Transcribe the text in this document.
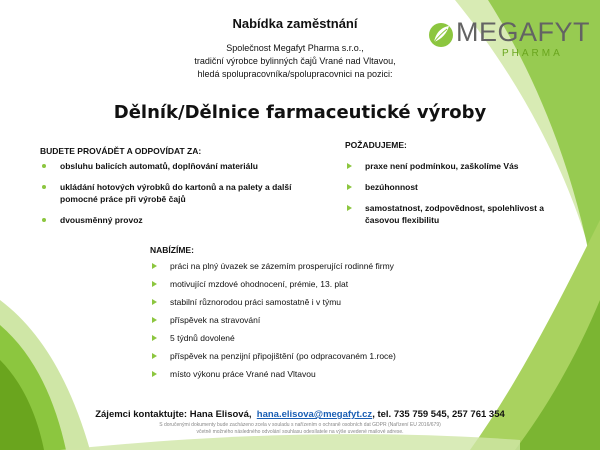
Nabídka zaměstnání
Společnost Megafyt Pharma s.r.o.,
tradiční výrobce bylinných čajů Vrané nad Vltavou,
hledá spolupracovníka/spolupracovnici na pozici:
MEGAFYT
PHARMA
Dělník/Dělnice farmaceutické výroby
BUDETE PROVÁDĚT A ODPOVÍDAT ZA:
obsluhu balicích automatů, doplňování materiálu
ukládání hotových výrobků do kartonů a na palety a další pomocné práce při výrobě čajů
dvousměnný provoz
POŽADUJEME:
praxe není podmínkou, zaškolíme Vás
bezúhonnost
samostatnost, zodpovědnost, spolehlivost a časovou flexibilitu
NABÍZÍME:
práci na plný úvazek se zázemím prosperující rodinné firmy
motivující mzdové ohodnocení, prémie, 13. plat
stabilní různorodou práci samostatně i v týmu
příspěvek na stravování
5 týdnů dovolené
příspěvek na penzijní připojištění (po odpracovaném 1.roce)
místo výkonu práce Vrané nad Vltavou
Zájemci kontaktujte: Hana Elisová, hana.elisova@megafyt.cz, tel. 735 759 545, 257 761 354
S doručenými dokumenty bude zacházeno zcela v souladu s nařízením o ochraně osobních dat GDPR (Nařízení EU 2016/679)
včetně možného následného odvolání souhlasu odesílatele na výše uvedené mailové adrese.
